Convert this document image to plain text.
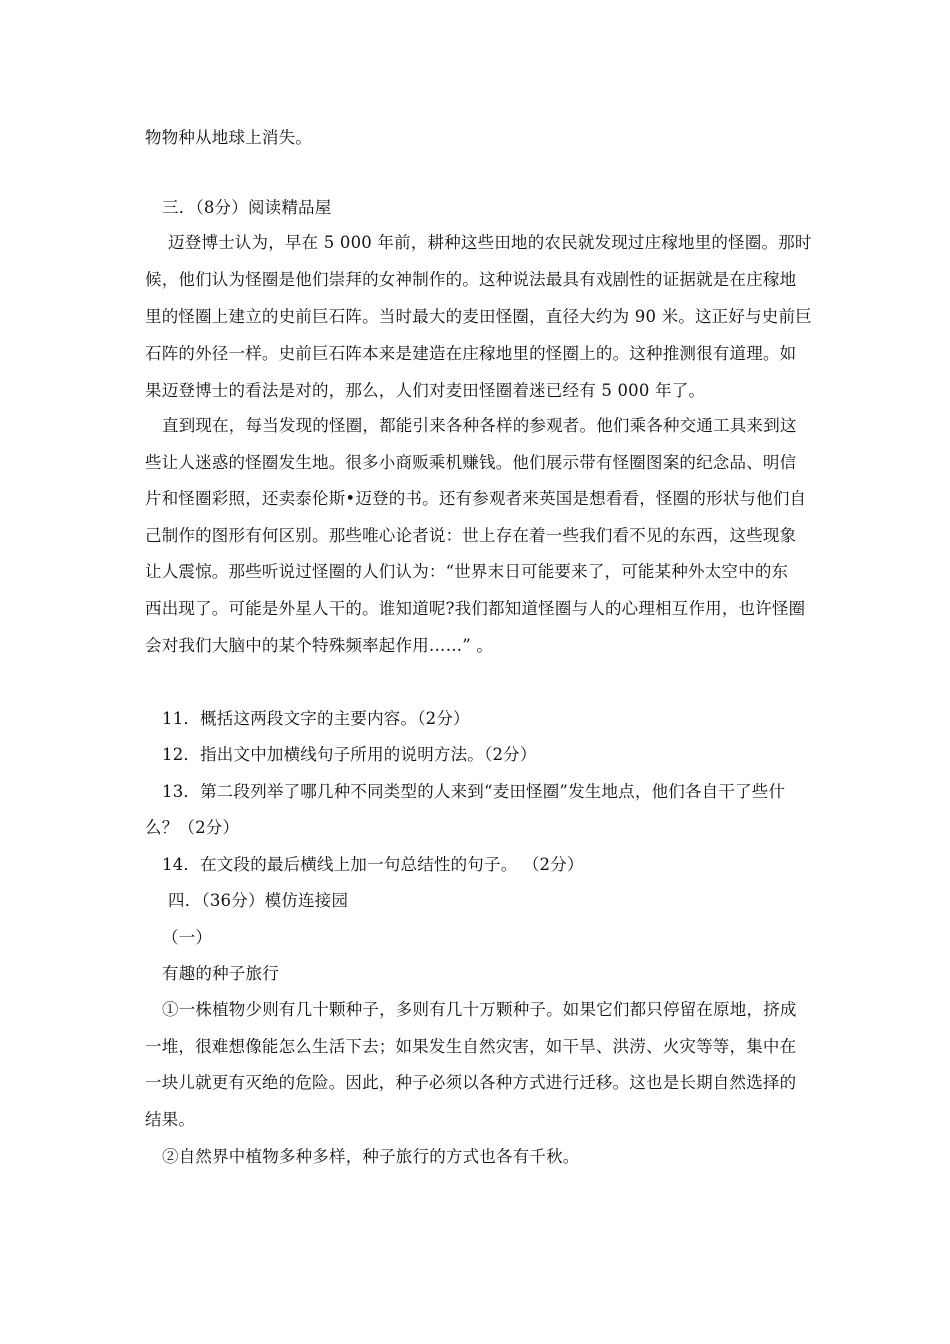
物物种从地球上消失。
三．（8分）阅读精品屋
迈登博士认为，早在 5 000 年前，耕种这些田地的农民就发现过庄稼地里的怪圈。那时
候，他们认为怪圈是他们崇拜的女神制作的。这种说法最具有戏剧性的证据就是在庄稼地
里的怪圈上建立的史前巨石阵。当时最大的麦田怪圈，直径大约为 90 米。这正好与史前巨
石阵的外径一样。史前巨石阵本来是建造在庄稼地里的怪圈上的。这种推测很有道理。如
果迈登博士的看法是对的，那么，人们对麦田怪圈着迷已经有 5 000 年了。
直到现在，每当发现的怪圈，都能引来各种各样的参观者。他们乘各种交通工具来到这
些让人迷惑的怪圈发生地。很多小商贩乘机赚钱。他们展示带有怪圈图案的纪念品、明信
片和怪圈彩照，还卖泰伦斯•迈登的书。还有参观者来英国是想看看，怪圈的形状与他们自
己制作的图形有何区别。那些唯心论者说：世上存在着一些我们看不见的东西，这些现象
让人震惊。那些听说过怪圈的人们认为：“世界末日可能要来了，可能某种外太空中的东
西出现了。可能是外星人干的。谁知道呢?我们都知道怪圈与人的心理相互作用，也许怪圈
会对我们大脑中的某个特殊频率起作用……” 。
11．概括这两段文字的主要内容。（2分）
12．指出文中加横线句子所用的说明方法。（2分）
13．第二段列举了哪几种不同类型的人来到“麦田怪圈”发生地点，他们各自干了些什
么？（2分）
14．在文段的最后横线上加一句总结性的句子。 （2分）
四．（36分）模仿连接园
（一）
有趣的种子旅行
①一株植物少则有几十颗种子，多则有几十万颗种子。如果它们都只停留在原地，挤成
一堆，很难想像能怎么生活下去；如果发生自然灾害，如干旱、洪涝、火灾等等，集中在
一块儿就更有灭绝的危险。因此，种子必须以各种方式进行迁移。这也是长期自然选择的
结果。
②自然界中植物多种多样，种子旅行的方式也各有千秋。
